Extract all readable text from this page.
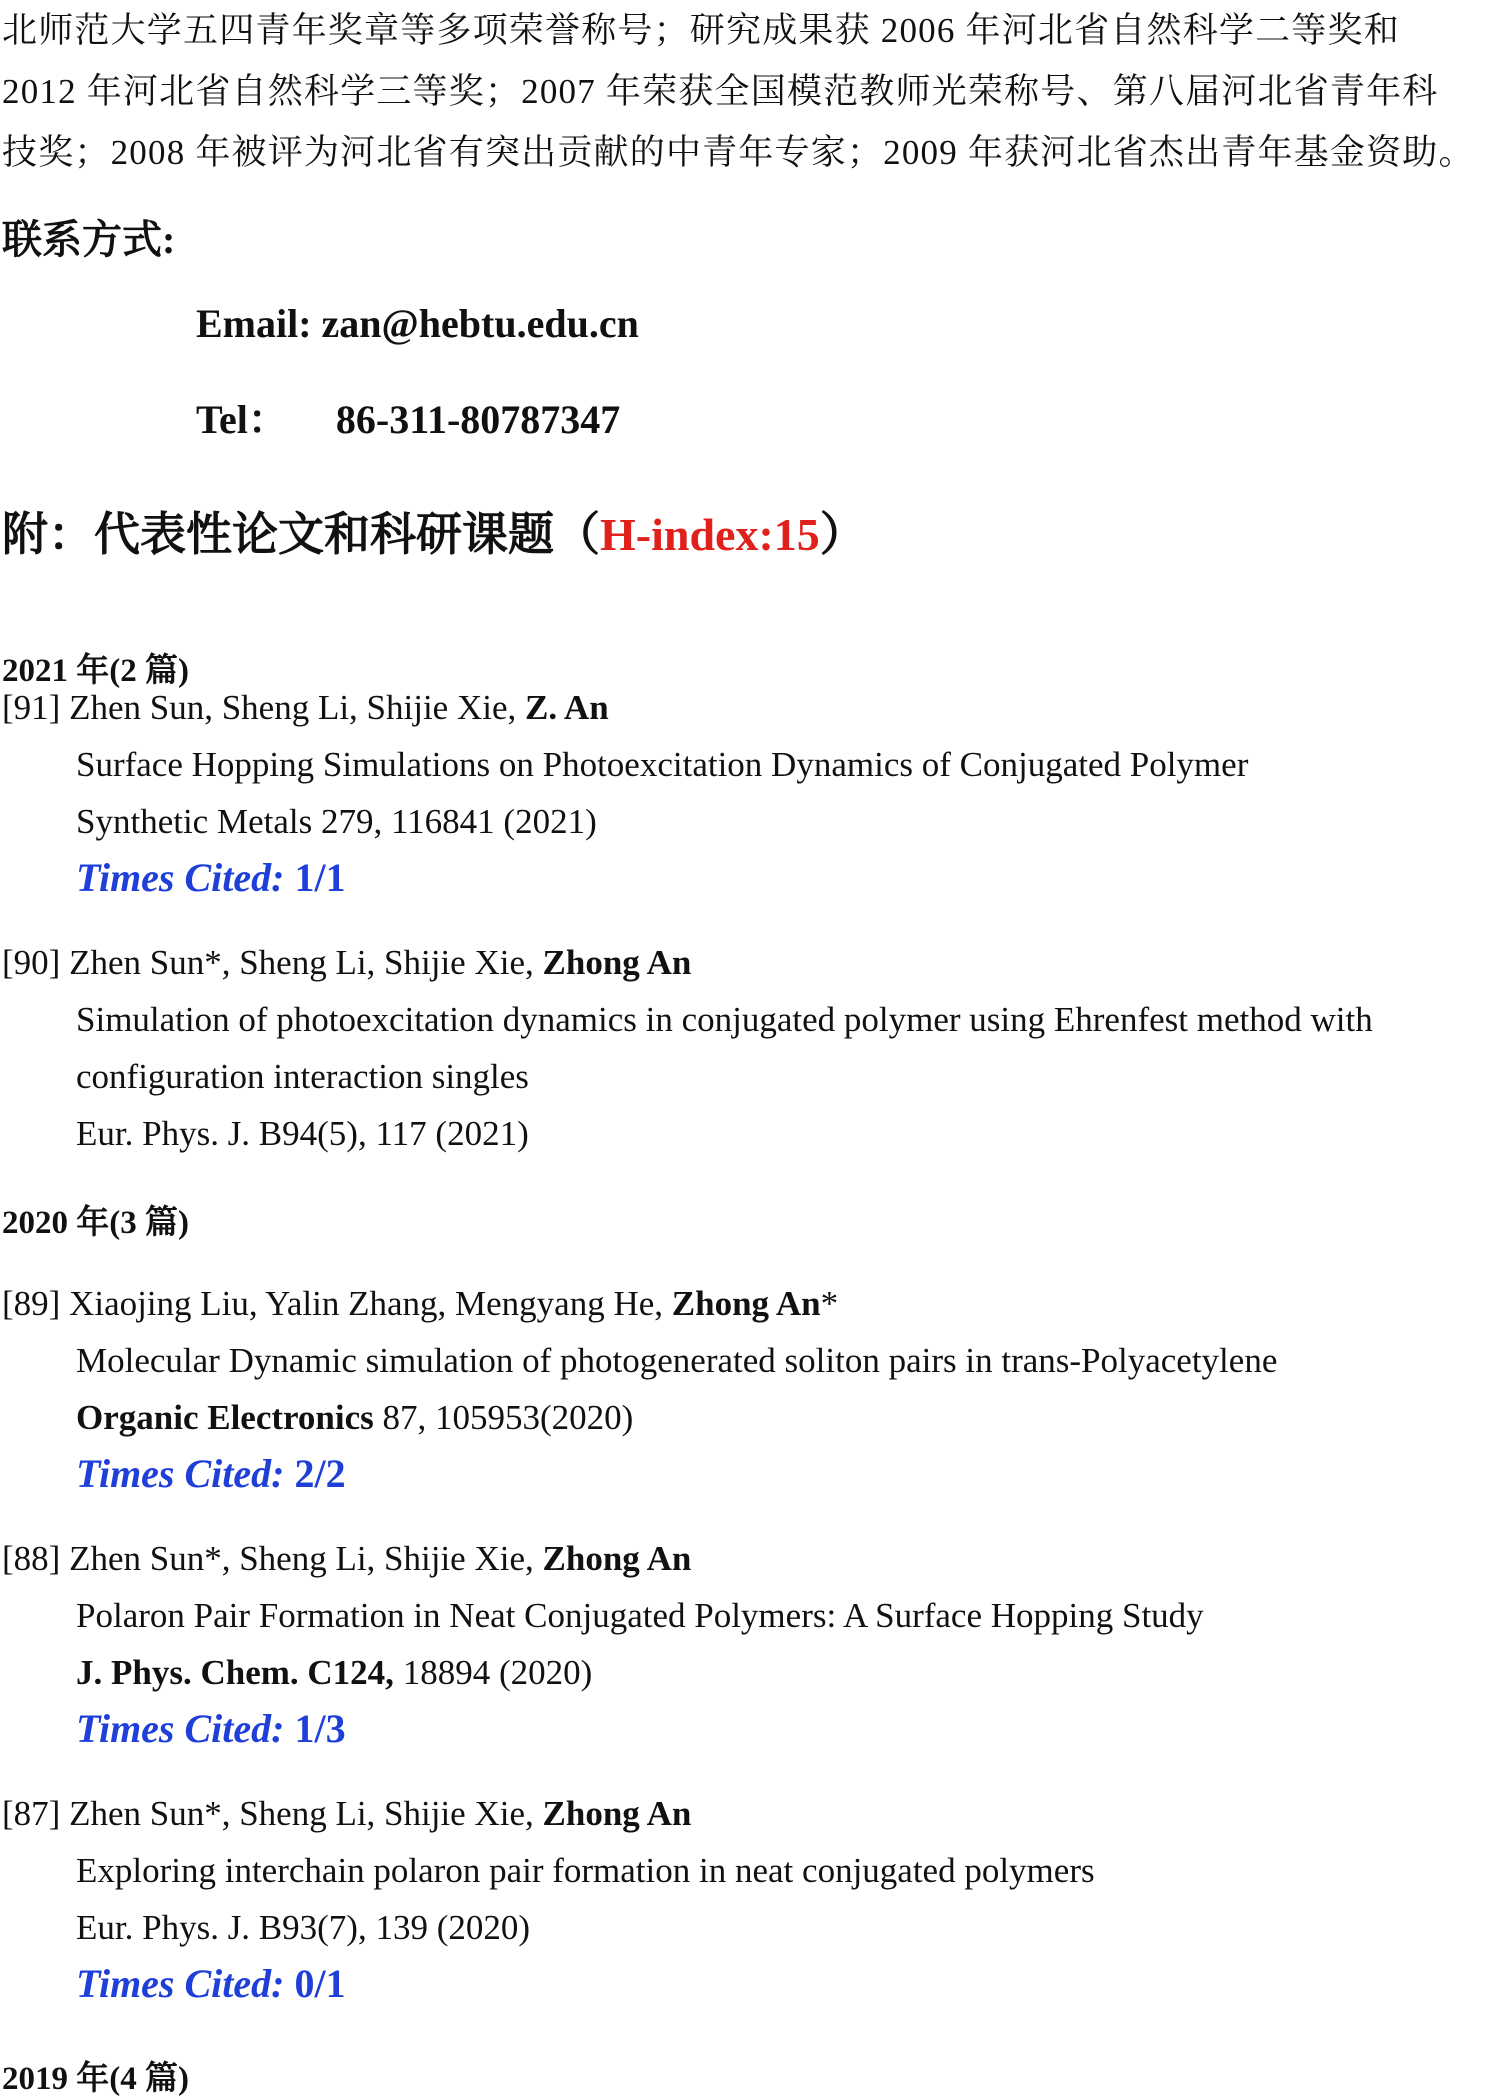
北师范大学五四青年奖章等多项荣誉称号；研究成果获 2006 年河北省自然科学二等奖和
2012 年河北省自然科学三等奖；2007 年荣获全国模范教师光荣称号、第八届河北省青年科
技奖；2008 年被评为河北省有突出贡献的中青年专家；2009 年获河北省杰出青年基金资助。
联系方式:
Email: zan@hebtu.edu.cn
Tel： 86-311-80787347
附：代表性论文和科研课题（H-index:15）
2021 年(2 篇)
[91] Zhen Sun, Sheng Li, Shijie Xie, Z. An
Surface Hopping Simulations on Photoexcitation Dynamics of Conjugated Polymer
Synthetic Metals 279, 116841 (2021)
Times Cited: 1/1
[90] Zhen Sun*, Sheng Li, Shijie Xie, Zhong An
Simulation of photoexcitation dynamics in conjugated polymer using Ehrenfest method with
configuration interaction singles
Eur. Phys. J. B94(5), 117 (2021)
2020 年(3 篇)
[89] Xiaojing Liu, Yalin Zhang, Mengyang He, Zhong An*
Molecular Dynamic simulation of photogenerated soliton pairs in trans-Polyacetylene
Organic Electronics 87, 105953(2020)
Times Cited: 2/2
[88] Zhen Sun*, Sheng Li, Shijie Xie, Zhong An
Polaron Pair Formation in Neat Conjugated Polymers: A Surface Hopping Study
J. Phys. Chem. C124, 18894 (2020)
Times Cited: 1/3
[87] Zhen Sun*, Sheng Li, Shijie Xie, Zhong An
Exploring interchain polaron pair formation in neat conjugated polymers
Eur. Phys. J. B93(7), 139 (2020)
Times Cited: 0/1
2019 年(4 篇)
